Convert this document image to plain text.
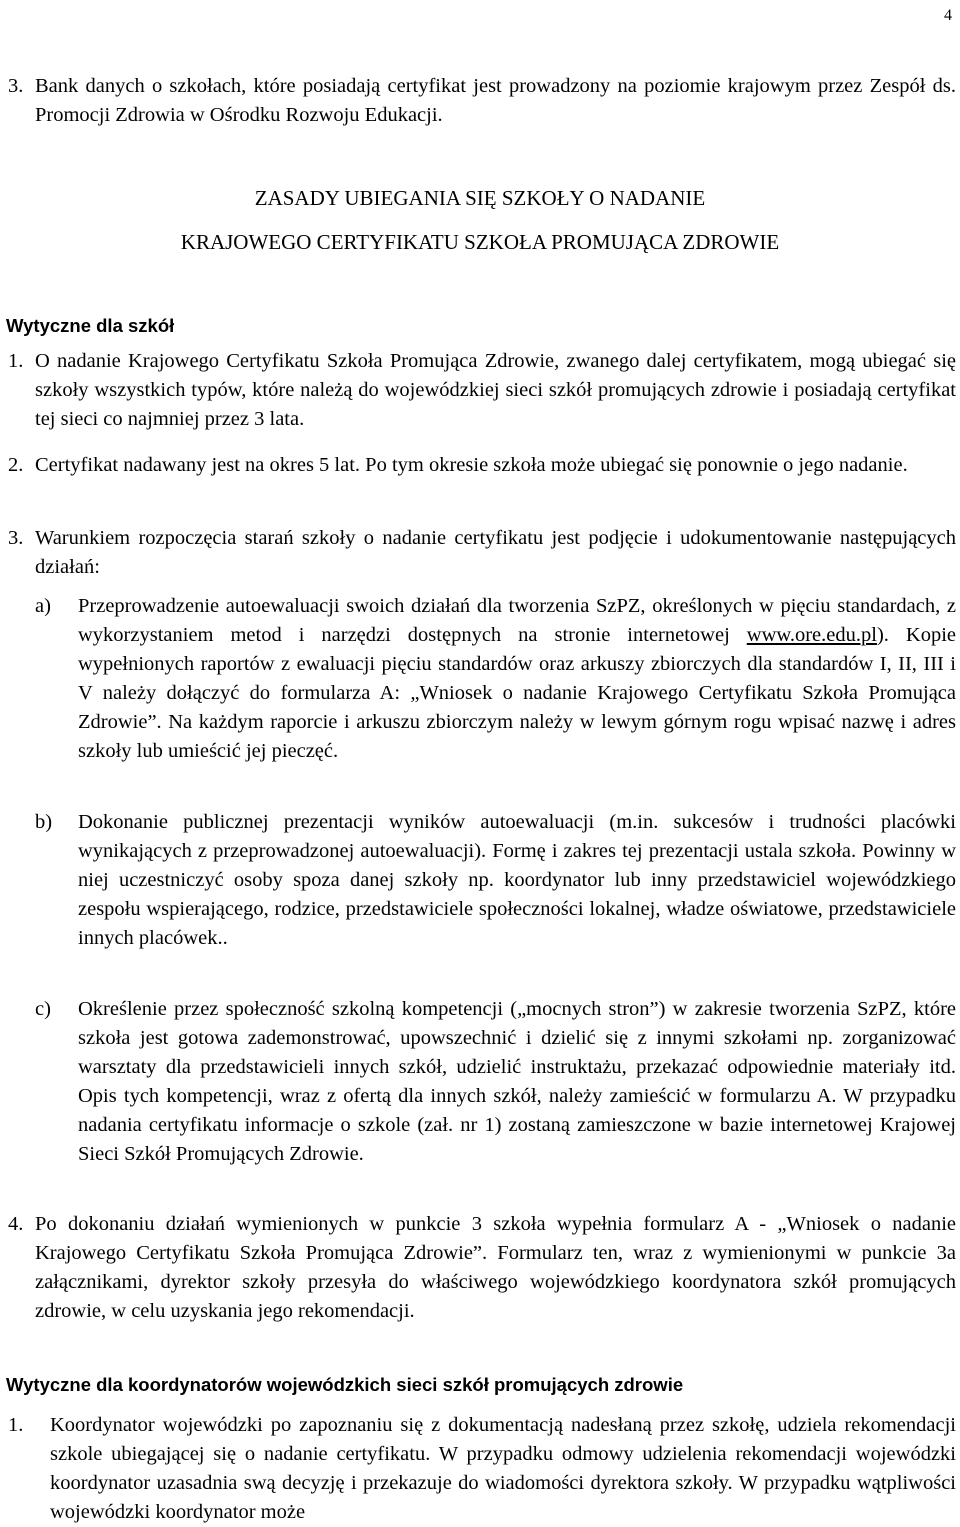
4
3. Bank danych o szkołach, które posiadają certyfikat jest prowadzony na poziomie krajowym przez Zespół ds. Promocji Zdrowia w Ośrodku Rozwoju Edukacji.
ZASADY UBIEGANIA SIĘ SZKOŁY O NADANIE
KRAJOWEGO CERTYFIKATU SZKOŁA PROMUJĄCA ZDROWIE
Wytyczne dla szkół
1. O nadanie Krajowego Certyfikatu Szkoła Promująca Zdrowie, zwanego dalej certyfikatem, mogą ubiegać się szkoły wszystkich typów, które należą do wojewódzkiej sieci szkół promujących zdrowie i posiadają certyfikat tej sieci co najmniej przez 3 lata.
2. Certyfikat nadawany jest na okres 5 lat. Po tym okresie szkoła może ubiegać się ponownie o jego nadanie.
3. Warunkiem rozpoczęcia starań szkoły o nadanie certyfikatu jest podjęcie i udokumentowanie następujących działań:
a) Przeprowadzenie autoewaluacji swoich działań dla tworzenia SzPZ, określonych w pięciu standardach, z wykorzystaniem metod i narzędzi dostępnych na stronie internetowej www.ore.edu.pl). Kopie wypełnionych raportów z ewaluacji pięciu standardów oraz arkuszy zbiorczych dla standardów I, II, III i V należy dołączyć do formularza A: „Wniosek o nadanie Krajowego Certyfikatu Szkoła Promująca Zdrowie”. Na każdym raporcie i arkuszu zbiorczym należy w lewym górnym rogu wpisać nazwę i adres szkoły lub umieścić jej pieczęć.
b) Dokonanie publicznej prezentacji wyników autoewaluacji (m.in. sukcesów i trudności placówki wynikających z przeprowadzonej autoewaluacji). Formę i zakres tej prezentacji ustala szkoła. Powinny w niej uczestniczyć osoby spoza danej szkoły np. koordynator lub inny przedstawiciel wojewódzkiego zespołu wspierającego, rodzice, przedstawiciele społeczności lokalnej, władze oświatowe, przedstawiciele innych placówek..
c) Określenie przez społeczność szkolną kompetencji („mocnych stron”) w zakresie tworzenia SzPZ, które szkoła jest gotowa zademonstrować, upowszechnić i dzielić się z innymi szkołami np. zorganizować warsztaty dla przedstawicieli innych szkół, udzielić instruktażu, przekazać odpowiednie materiały itd. Opis tych kompetencji, wraz z ofertą dla innych szkół, należy zamieścić w formularzu A. W przypadku nadania certyfikatu informacje o szkole (zał. nr 1) zostaną zamieszczone w bazie internetowej Krajowej Sieci Szkół Promujących Zdrowie.
4. Po dokonaniu działań wymienionych w punkcie 3 szkoła wypełnia formularz A - „Wniosek o nadanie Krajowego Certyfikatu Szkoła Promująca Zdrowie”. Formularz ten, wraz z wymienionymi w punkcie 3a załącznikami, dyrektor szkoły przesyła do właściwego wojewódzkiego koordynatora szkół promujących zdrowie, w celu uzyskania jego rekomendacji.
Wytyczne dla koordynatorów wojewódzkich sieci szkół promujących zdrowie
1. Koordynator wojewódzki po zapoznaniu się z dokumentacją nadesłaną przez szkołę, udziela rekomendacji szkole ubiegającej się o nadanie certyfikatu. W przypadku odmowy udzielenia rekomendacji wojewódzki koordynator uzasadnia swą decyzję i przekazuje do wiadomości dyrektora szkoły. W przypadku wątpliwości wojewódzki koordynator może
